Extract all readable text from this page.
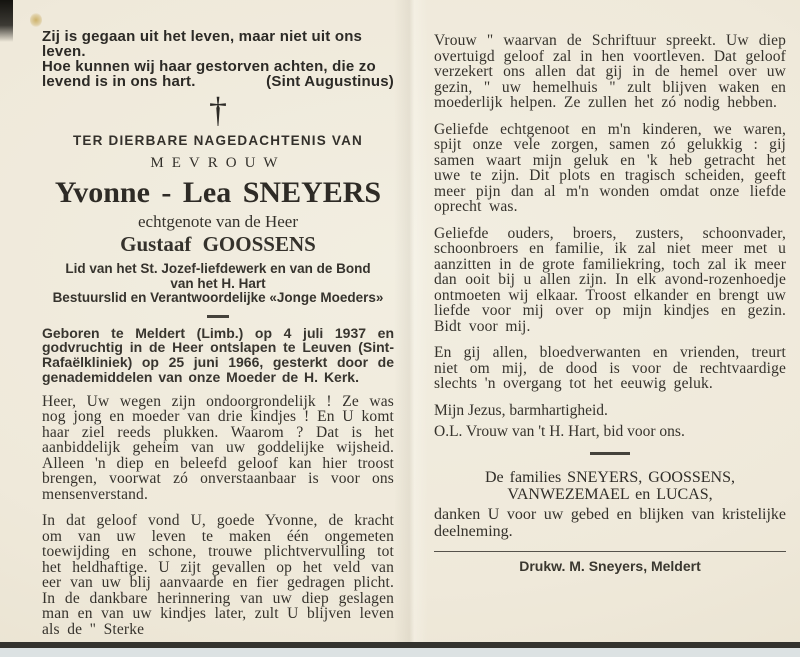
Zij is gegaan uit het leven, maar niet uit ons leven.
Hoe kunnen wij haar gestorven achten, die zo
levend is in ons hart.	(Sint Augustinus)
†
TER DIERBARE NAGEDACHTENIS VAN
MEVROUW
Yvonne - Lea SNEYERS
echtgenote van de Heer
Gustaaf GOOSSENS
Lid van het St. Jozef-liefdewerk en van de Bond
van het H. Hart
Bestuurslid en Verantwoordelijke «Jonge Moeders»
Geboren te Meldert (Limb.) op 4 juli 1937 en godvruchtig in de Heer ontslapen te Leuven (Sint-Rafaëlkliniek) op 25 juni 1966, gesterkt door de genademiddelen van onze Moeder de H. Kerk.

Heer, Uw wegen zijn ondoorgrondelijk ! Ze was nog jong en moeder van drie kindjes ! En U komt haar ziel reeds plukken. Waarom ? Dat is het aanbiddelijk geheim van uw goddelijke wijsheid. Alleen 'n diep en beleefd geloof kan hier troost brengen, voorwat zó onverstaanbaar is voor ons mensenverstand.

In dat geloof vond U, goede Yvonne, de kracht om van uw leven te maken één ongemeten toewijding en schone, trouwe plichtvervulling tot het heldhaftige. U zijt gevallen op het veld van eer van uw blij aanvaarde en fier gedragen plicht. In de dankbare herinnering van uw diep geslagen man en van uw kindjes later, zult U blijven leven als de " Sterke

Vrouw " waarvan de Schriftuur spreekt. Uw diep overtuigd geloof zal in hen voortleven. Dat geloof verzekert ons allen dat gij in de hemel over uw gezin, " uw hemelhuis " zult blijven waken en moederlijk helpen. Ze zullen het zó nodig hebben.

Geliefde echtgenoot en m'n kinderen, we waren, spijt onze vele zorgen, samen zó gelukkig : gij samen waart mijn geluk en 'k heb getracht het uwe te zijn. Dit plots en tragisch scheiden, geeft meer pijn dan al m'n wonden omdat onze liefde oprecht was.

Geliefde ouders, broers, zusters, schoonvader, schoonbroers en familie, ik zal niet meer met u aanzitten in de grote familiekring, toch zal ik meer dan ooit bij u allen zijn. In elk avond-rozenhoedje ontmoeten wij elkaar. Troost elkander en brengt uw liefde voor mij over op mijn kindjes en gezin. Bidt voor mij.

En gij allen, bloedverwanten en vrienden, treurt niet om mij, de dood is voor de rechtvaardige slechts 'n overgang tot het eeuwig geluk.

Mijn Jezus, barmhartigheid.

O.L. Vrouw van 't H. Hart, bid voor ons.

De families SNEYERS, GOOSSENS,
VANWEZEMAEL en LUCAS,
danken U voor uw gebed en blijken van kristelijke deelneming.
Drukw. M. Sneyers, Meldert
